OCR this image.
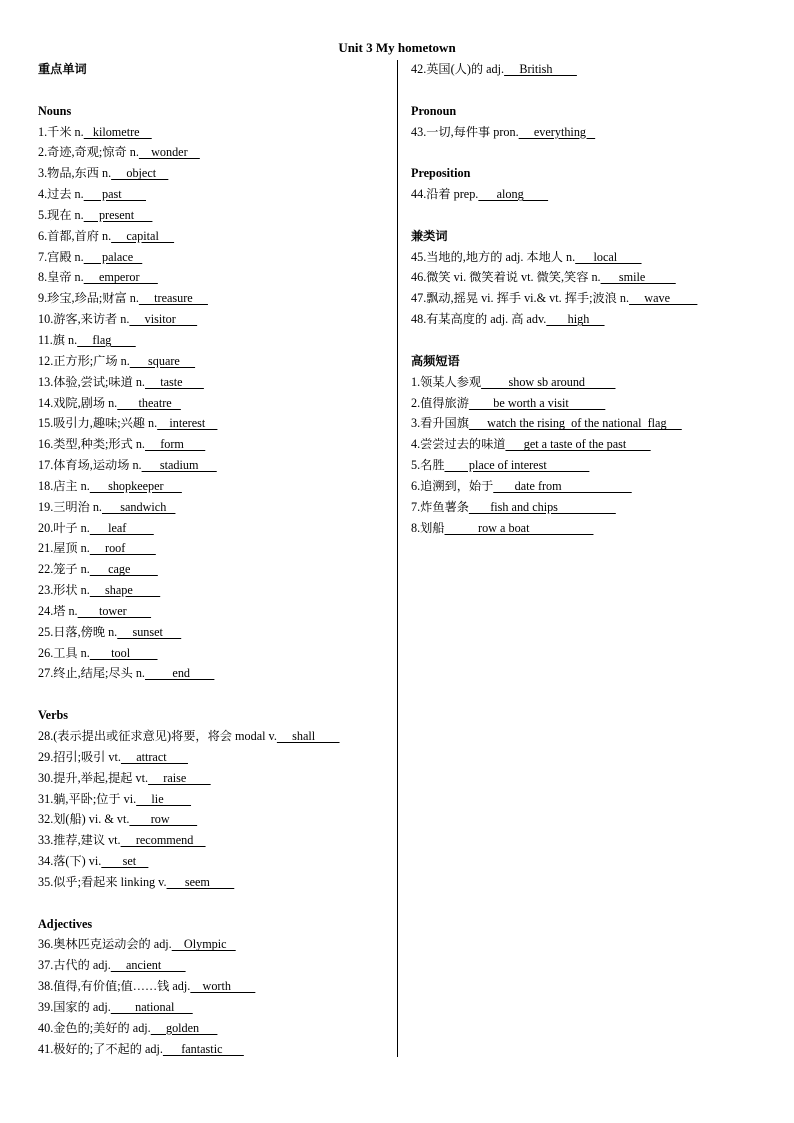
Unit 3 My hometown
重点单词
Nouns
1.千米 n.   kilometre
2.奇迹,奇观;惊奇 n.    wonder
3.物品,东西 n.     object
4.过去 n.      past
5.现在 n.     present
6.首都,首府 n.     capital
7.宫殿 n.      palace
8.皇帝 n.     emperor
9.珍宝,珍品;财富 n.     treasure
10.游客,来访者 n.     visitor
11.旗 n.     flag
12.正方形;广场 n.      square
13.体验,尝试;味道 n.     taste
14.戏院,剧场 n.       theatre
15.吸引力,趣味;兴趣 n.    interest
16.类型,种类;形式 n.     form
17.体育场,运动场 n.      stadium
18.店主 n.      shopkeeper
19.三明治 n.      sandwich
20.叶子 n.      leaf
21.屋顶 n.     roof
22.笼子 n.      cage
23.形状 n.     shape
24.塔 n.       tower
25.日落,傍晚 n.     sunset
26.工具 n.       tool
27.终止,结尾;尽头 n.         end
Verbs
28.(表示提出或征求意见)将要，将会 modal v.     shall
29.招引;吸引 vt.     attract
30.提升,举起,提起 vt.     raise
31.躺,平卧;位于 vi.     lie
32.划(船) vi. & vt.       row
33.推荐,建议 vt.     recommend
34.落(下) vi.       set
35.似乎;看起来 linking v.      seem
Adjectives
36.奥林匹克运动会的 adj.    Olympic
37.古代的 adj.     ancient
38.值得,有价值;值……钱 adj.    worth
39.国家的 adj.        national
40.金色的;美好的 adj.     golden
41.极好的;了不起的 adj.      fantastic
42.英国(人)的 adj.     British
Pronoun
43.一切,每件事 pron.     everything
Preposition
44.沿着 prep.      along
兼类词
45.当地的,地方的 adj. 本地人 n.      local
46.微笑 vi. 微笑着说 vt. 微笑,笑容 n.      smile
47.飘动,摇晃 vi. 挥手 vi.& vt. 挥手;波浪 n.     wave
48.有某高度的 adj. 高 adv.       high
高频短语
1.领某人参观         show sb around
2.值得旅游        be worth a visit
3.看升国旗      watch the rising  of the national  flag
4.尝尝过去的味道      get a taste of the past
5.名胜        place of interest
6.追溯到，始于       date from
7.炸鱼薯条       fish and chips
8.划船           row a boat
